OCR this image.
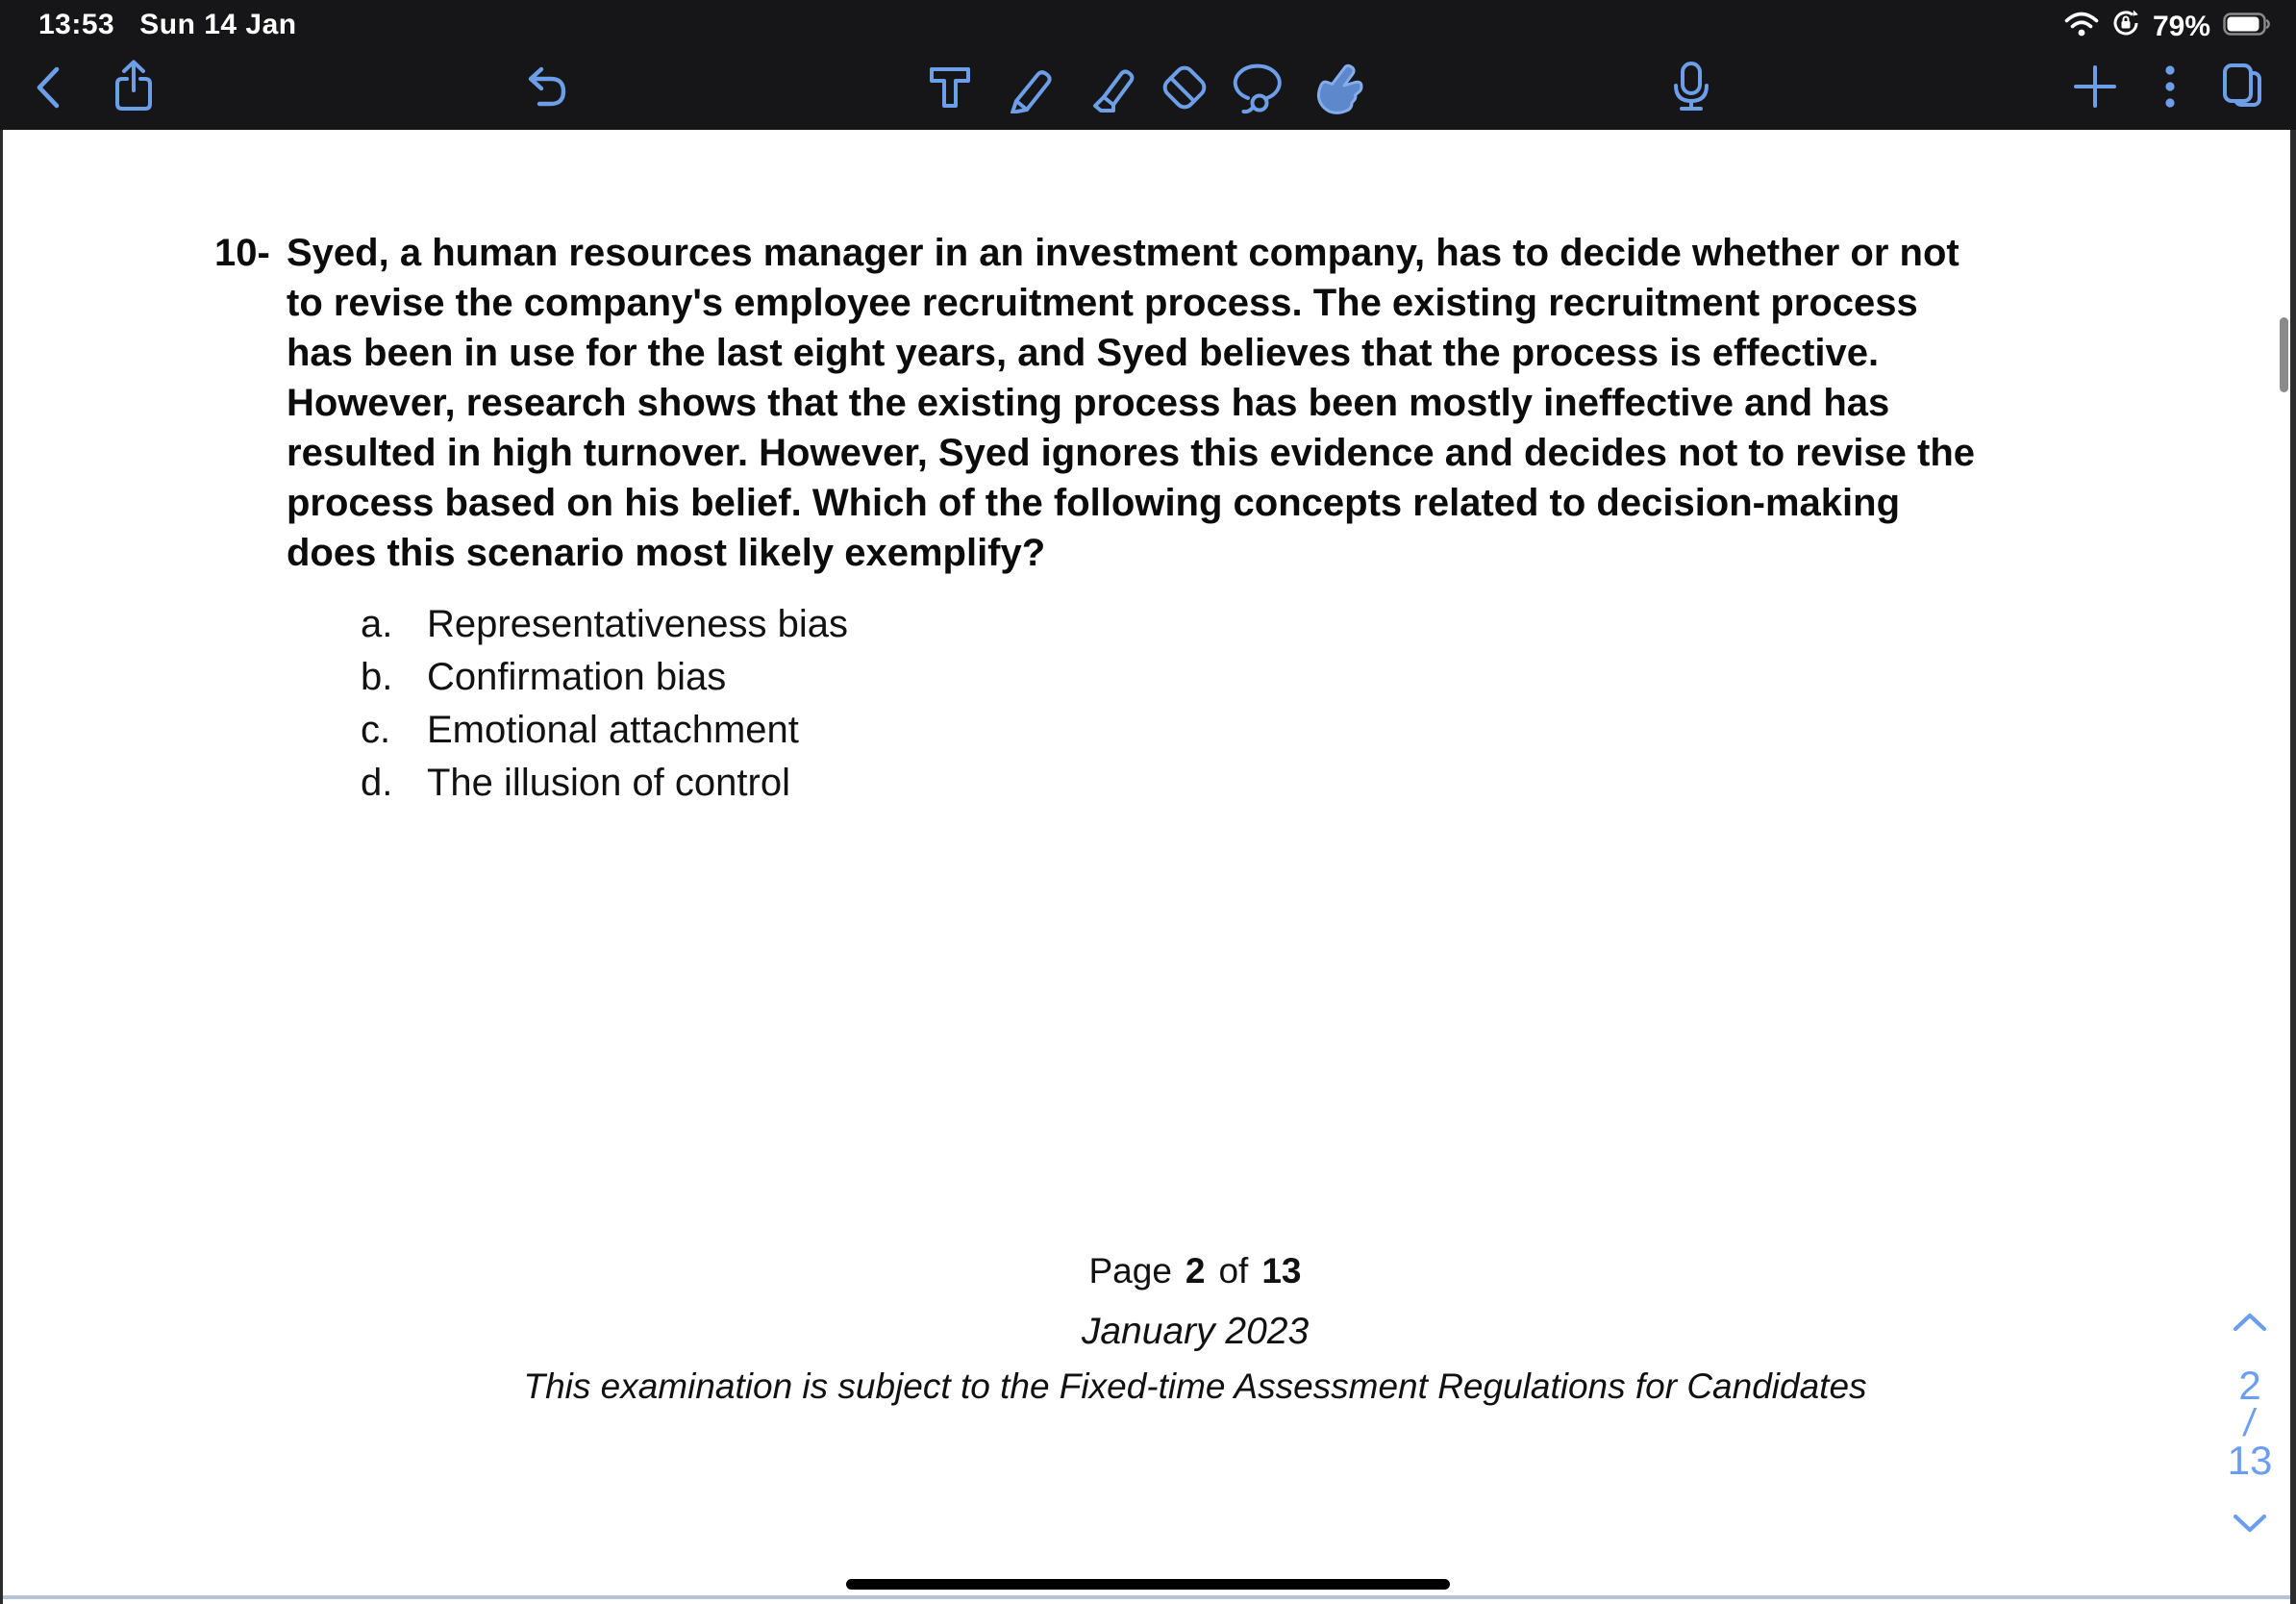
13:53 Sun 14 Jan	79%
10- Syed, a human resources manager in an investment company, has to decide whether or not
to revise the company's employee recruitment process. The existing recruitment process
has been in use for the last eight years, and Syed believes that the process is effective.
However, research shows that the existing process has been mostly ineffective and has
resulted in high turnover. However, Syed ignores this evidence and decides not to revise the
process based on his belief. Which of the following concepts related to decision-making
does this scenario most likely exemplify?
a. Representativeness bias
b. Confirmation bias
c. Emotional attachment
d. The illusion of control
Page 2 of 13
January 2023
This examination is subject to the Fixed-time Assessment Regulations for Candidates	2
/
13
